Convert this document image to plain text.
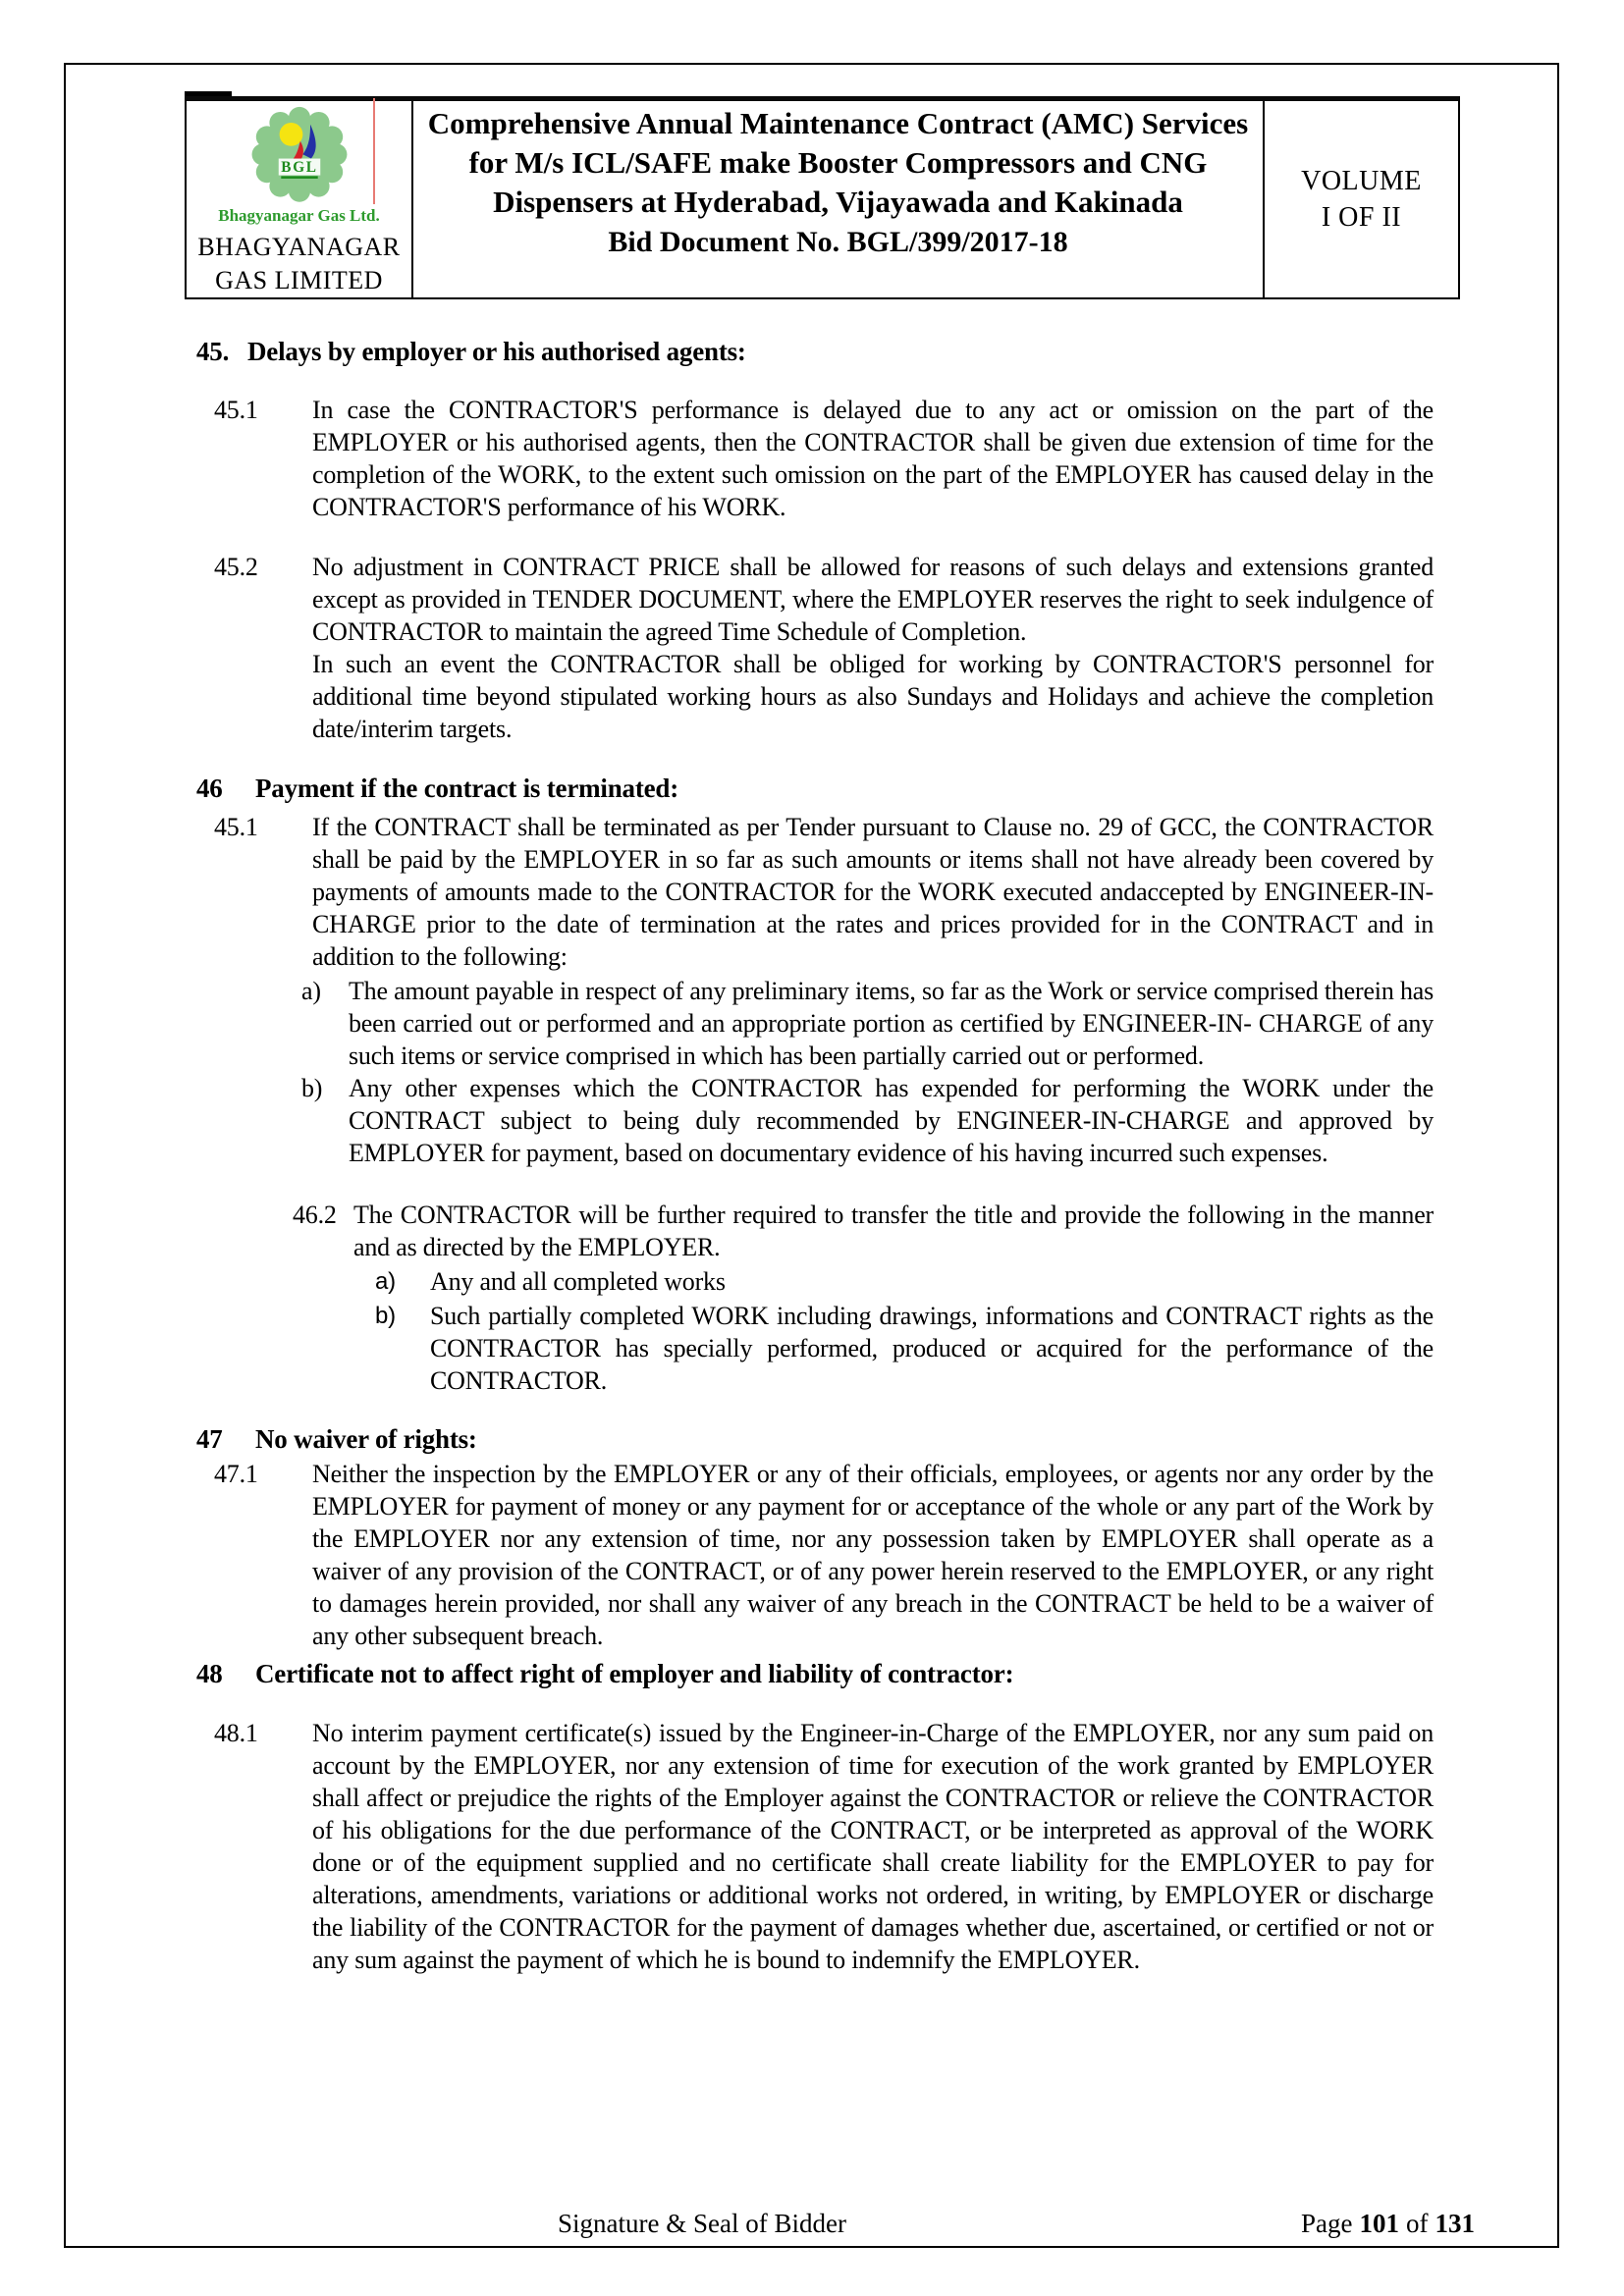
BGL
Bhagyanagar Gas Ltd.
BHAGYANAGAR GAS LIMITED
Comprehensive Annual Maintenance Contract (AMC) Services for M/s ICL/SAFE make Booster Compressors and CNG Dispensers at Hyderabad, Vijayawada and Kakinada
Bid Document No. BGL/399/2017-18
VOLUME
I OF II
45. Delays by employer or his authorised agents:
45.1	In case the CONTRACTOR'S performance is delayed due to any act or omission on the part of the EMPLOYER or his authorised agents, then the CONTRACTOR shall be given due extension of time for the completion of the WORK, to the extent such omission on the part of the EMPLOYER has caused delay in the CONTRACTOR'S performance of his WORK.
45.2	No adjustment in CONTRACT PRICE shall be allowed for reasons of such delays and extensions granted except as provided in TENDER DOCUMENT, where the EMPLOYER reserves the right to seek indulgence of CONTRACTOR to maintain the agreed Time Schedule of Completion.

In such an event the CONTRACTOR shall be obliged for working by CONTRACTOR'S personnel for additional time beyond stipulated working hours as also Sundays and Holidays and achieve the completion date/interim targets.

46	Payment if the contract is terminated:
45.1	If the CONTRACT shall be terminated as per Tender pursuant to Clause no. 29 of GCC, the CONTRACTOR shall be paid by the EMPLOYER in so far as such amounts or items shall not have already been covered by payments of amounts made to the CONTRACTOR for the WORK executed andaccepted by ENGINEER-IN-CHARGE prior to the date of termination at the rates and prices provided for in the CONTRACT and in addition to the following:
a)	The amount payable in respect of any preliminary items, so far as the Work or service comprised therein has been carried out or performed and an appropriate portion as certified by ENGINEER-IN- CHARGE of any such items or service comprised in which has been partially carried out or performed.
b)	Any other expenses which the CONTRACTOR has expended for performing the WORK under the CONTRACT subject to being duly recommended by ENGINEER-IN-CHARGE and approved by EMPLOYER for payment, based on documentary evidence of his having incurred such expenses.
46.2 The CONTRACTOR will be further required to transfer the title and provide the following in the manner and as directed by the EMPLOYER.
a)	Any and all completed works
b)	Such partially completed WORK including drawings, informations and CONTRACT rights as the CONTRACTOR has specially performed, produced or acquired for the performance of the CONTRACTOR.
47	No waiver of rights:
47.1	Neither the inspection by the EMPLOYER or any of their officials, employees, or agents nor any order by the EMPLOYER for payment of money or any payment for or acceptance of the whole or any part of the Work by the EMPLOYER nor any extension of time, nor any possession taken by EMPLOYER shall operate as a waiver of any provision of the CONTRACT, or of any power herein reserved to the EMPLOYER, or any right to damages herein provided, nor shall any waiver of any breach in the CONTRACT be held to be a waiver of any other subsequent breach.
48	Certificate not to affect right of employer and liability of contractor:
48.1	No interim payment certificate(s) issued by the Engineer-in-Charge of the EMPLOYER, nor any sum paid on account by the EMPLOYER, nor any extension of time for execution of the work granted by EMPLOYER shall affect or prejudice the rights of the Employer against the CONTRACTOR or relieve the CONTRACTOR of his obligations for the due performance of the CONTRACT, or be interpreted as approval of the WORK done or of the equipment supplied and no certificate shall create liability for the EMPLOYER to pay for alterations, amendments, variations or additional works not ordered, in writing, by EMPLOYER or discharge the liability of the CONTRACTOR for the payment of damages whether due, ascertained, or certified or not or any sum against the payment of which he is bound to indemnify the EMPLOYER.
Signature & Seal of Bidder	Page 101 of 131
